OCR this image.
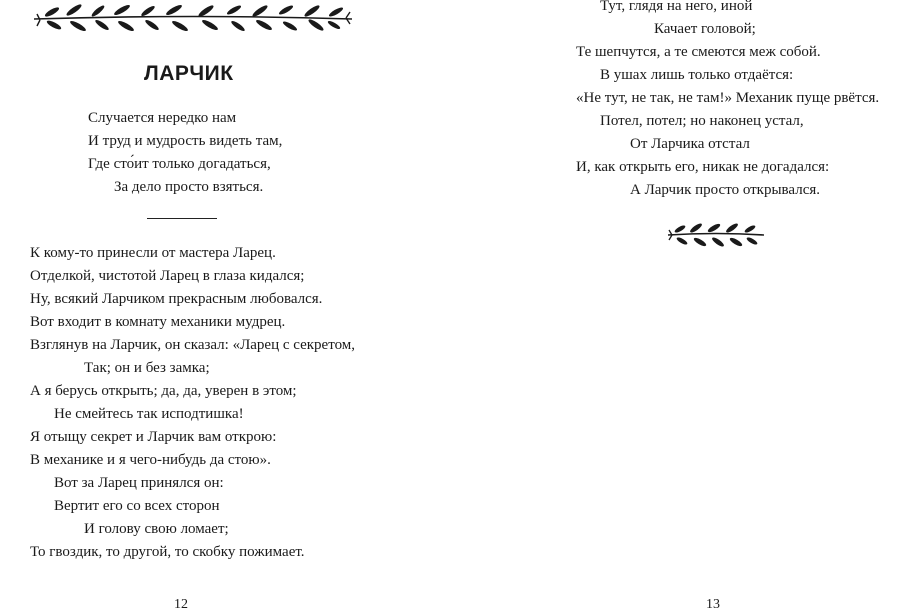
ЛАРЧИК
Случается нередко нам
И труд и мудрость видеть там,
Где сто́ит только догадаться,
За дело просто взяться.
К кому-то принесли от мастера Ларец.
Отделкой, чистотой Ларец в глаза кидался;
Ну, всякий Ларчиком прекрасным любовался.
Вот входит в комнату механики мудрец.
Взглянув на Ларчик, он сказал: «Ларец с секретом,
Так; он и без замка;
А я берусь открыть; да, да, уверен в этом;
Не смейтесь так исподтишка!
Я отыщу секрет и Ларчик вам открою:
В механике и я чего-нибудь да стою».
Вот за Ларец принялся он:
Вертит его со всех сторон
И голову свою ломает;
То гвоздик, то другой, то скобку пожимает.
12
Тут, глядя на него, иной
Качает головой;
Те шепчутся, а те смеются меж собой.
В ушах лишь только отдаётся:
«Не тут, не так, не там!» Механик пуще рвётся.
Потел, потел; но наконец устал,
От Ларчика отстал
И, как открыть его, никак не догадался:
А Ларчик просто открывался.
13
